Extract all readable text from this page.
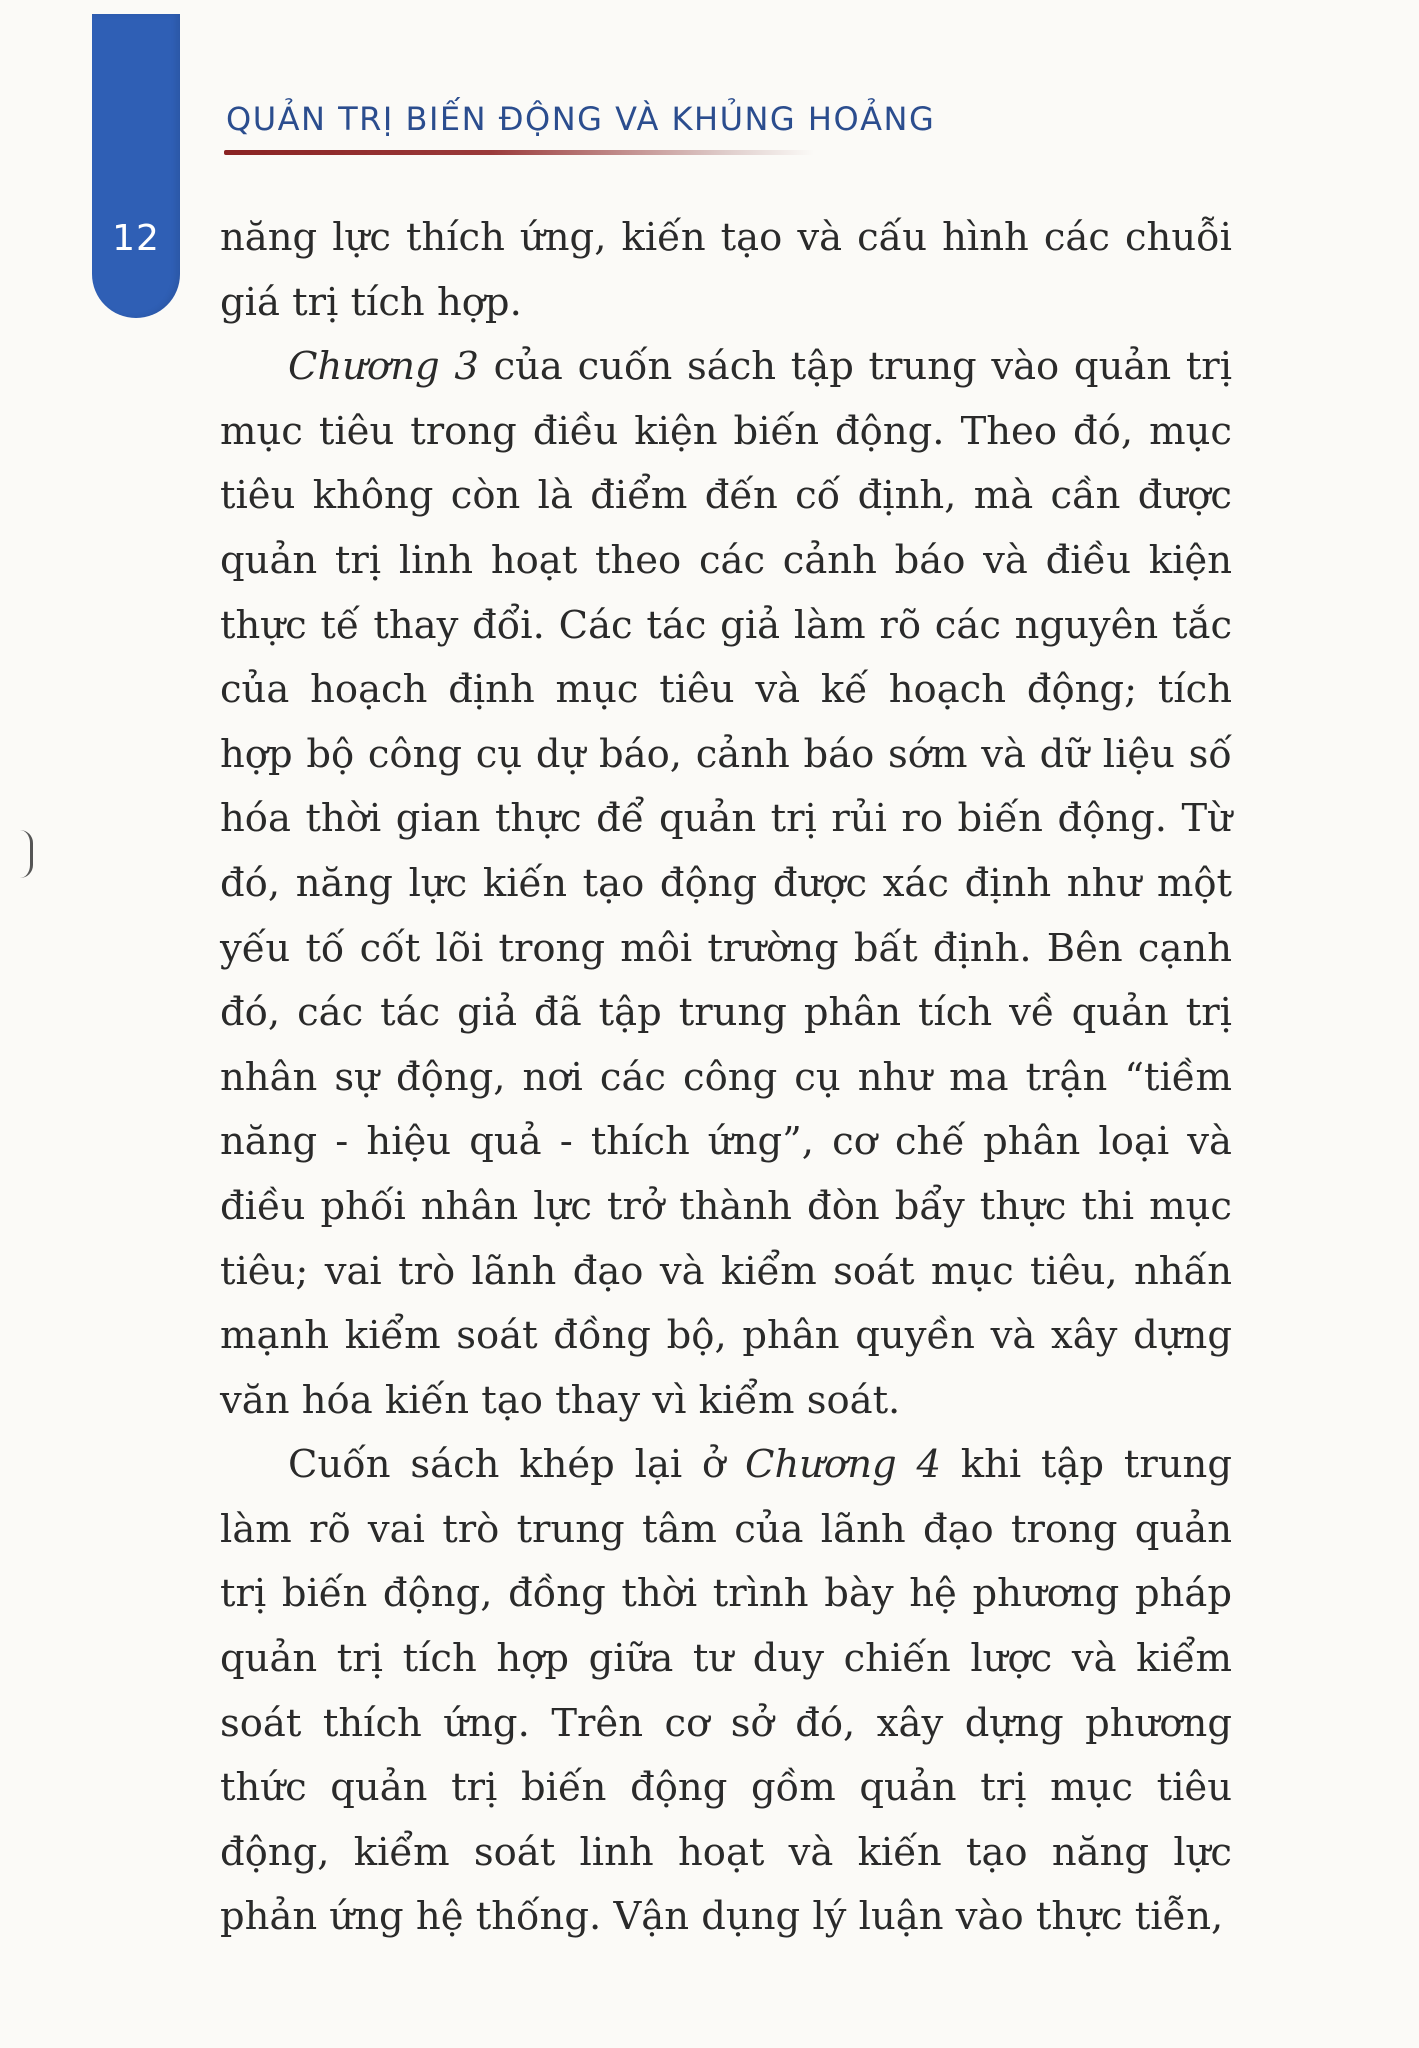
12
QUẢN TRỊ BIẾN ĐỘNG VÀ KHỦNG HOẢNG

năng lực thích ứng, kiến tạo và cấu hình các chuỗi giá trị tích hợp.

Chương 3 của cuốn sách tập trung vào quản trị mục tiêu trong điều kiện biến động. Theo đó, mục tiêu không còn là điểm đến cố định, mà cần được quản trị linh hoạt theo các cảnh báo và điều kiện thực tế thay đổi. Các tác giả làm rõ các nguyên tắc của hoạch định mục tiêu và kế hoạch động; tích hợp bộ công cụ dự báo, cảnh báo sớm và dữ liệu số hóa thời gian thực để quản trị rủi ro biến động. Từ đó, năng lực kiến tạo động được xác định như một yếu tố cốt lõi trong môi trường bất định. Bên cạnh đó, các tác giả đã tập trung phân tích về quản trị nhân sự động, nơi các công cụ như ma trận “tiềm năng - hiệu quả - thích ứng”, cơ chế phân loại và điều phối nhân lực trở thành đòn bẩy thực thi mục tiêu; vai trò lãnh đạo và kiểm soát mục tiêu, nhấn mạnh kiểm soát đồng bộ, phân quyền và xây dựng văn hóa kiến tạo thay vì kiểm soát.

Cuốn sách khép lại ở Chương 4 khi tập trung làm rõ vai trò trung tâm của lãnh đạo trong quản trị biến động, đồng thời trình bày hệ phương pháp quản trị tích hợp giữa tư duy chiến lược và kiểm soát thích ứng. Trên cơ sở đó, xây dựng phương thức quản trị biến động gồm quản trị mục tiêu động, kiểm soát linh hoạt và kiến tạo năng lực phản ứng hệ thống. Vận dụng lý luận vào thực tiễn,
